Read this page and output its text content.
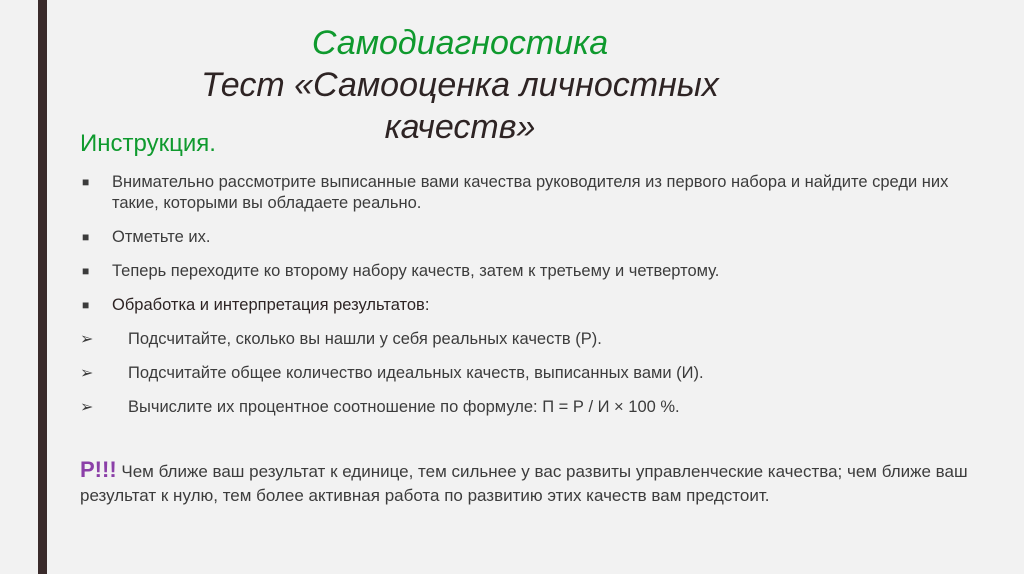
Самодиагностика
Тест «Самооценка личностных качеств»
Инструкция.
■ Внимательно рассмотрите выписанные вами качества руководителя из первого набора и найдите среди них такие, которыми вы обладаете реально.
■ Отметьте их.
■ Теперь переходите ко второму набору качеств, затем к третьему и четвертому.
■ Обработка и интерпретация результатов:
➢ Подсчитайте, сколько вы нашли у себя реальных качеств (Р).
➢ Подсчитайте общее количество идеальных качеств, выписанных вами (И).
➢ Вычислите их процентное соотношение по формуле: П = Р / И × 100 %.
P!!! Чем ближе ваш результат к единице, тем сильнее у вас развиты управленческие качества; чем ближе ваш результат к нулю, тем более активная работа по развитию этих качеств вам предстоит.
